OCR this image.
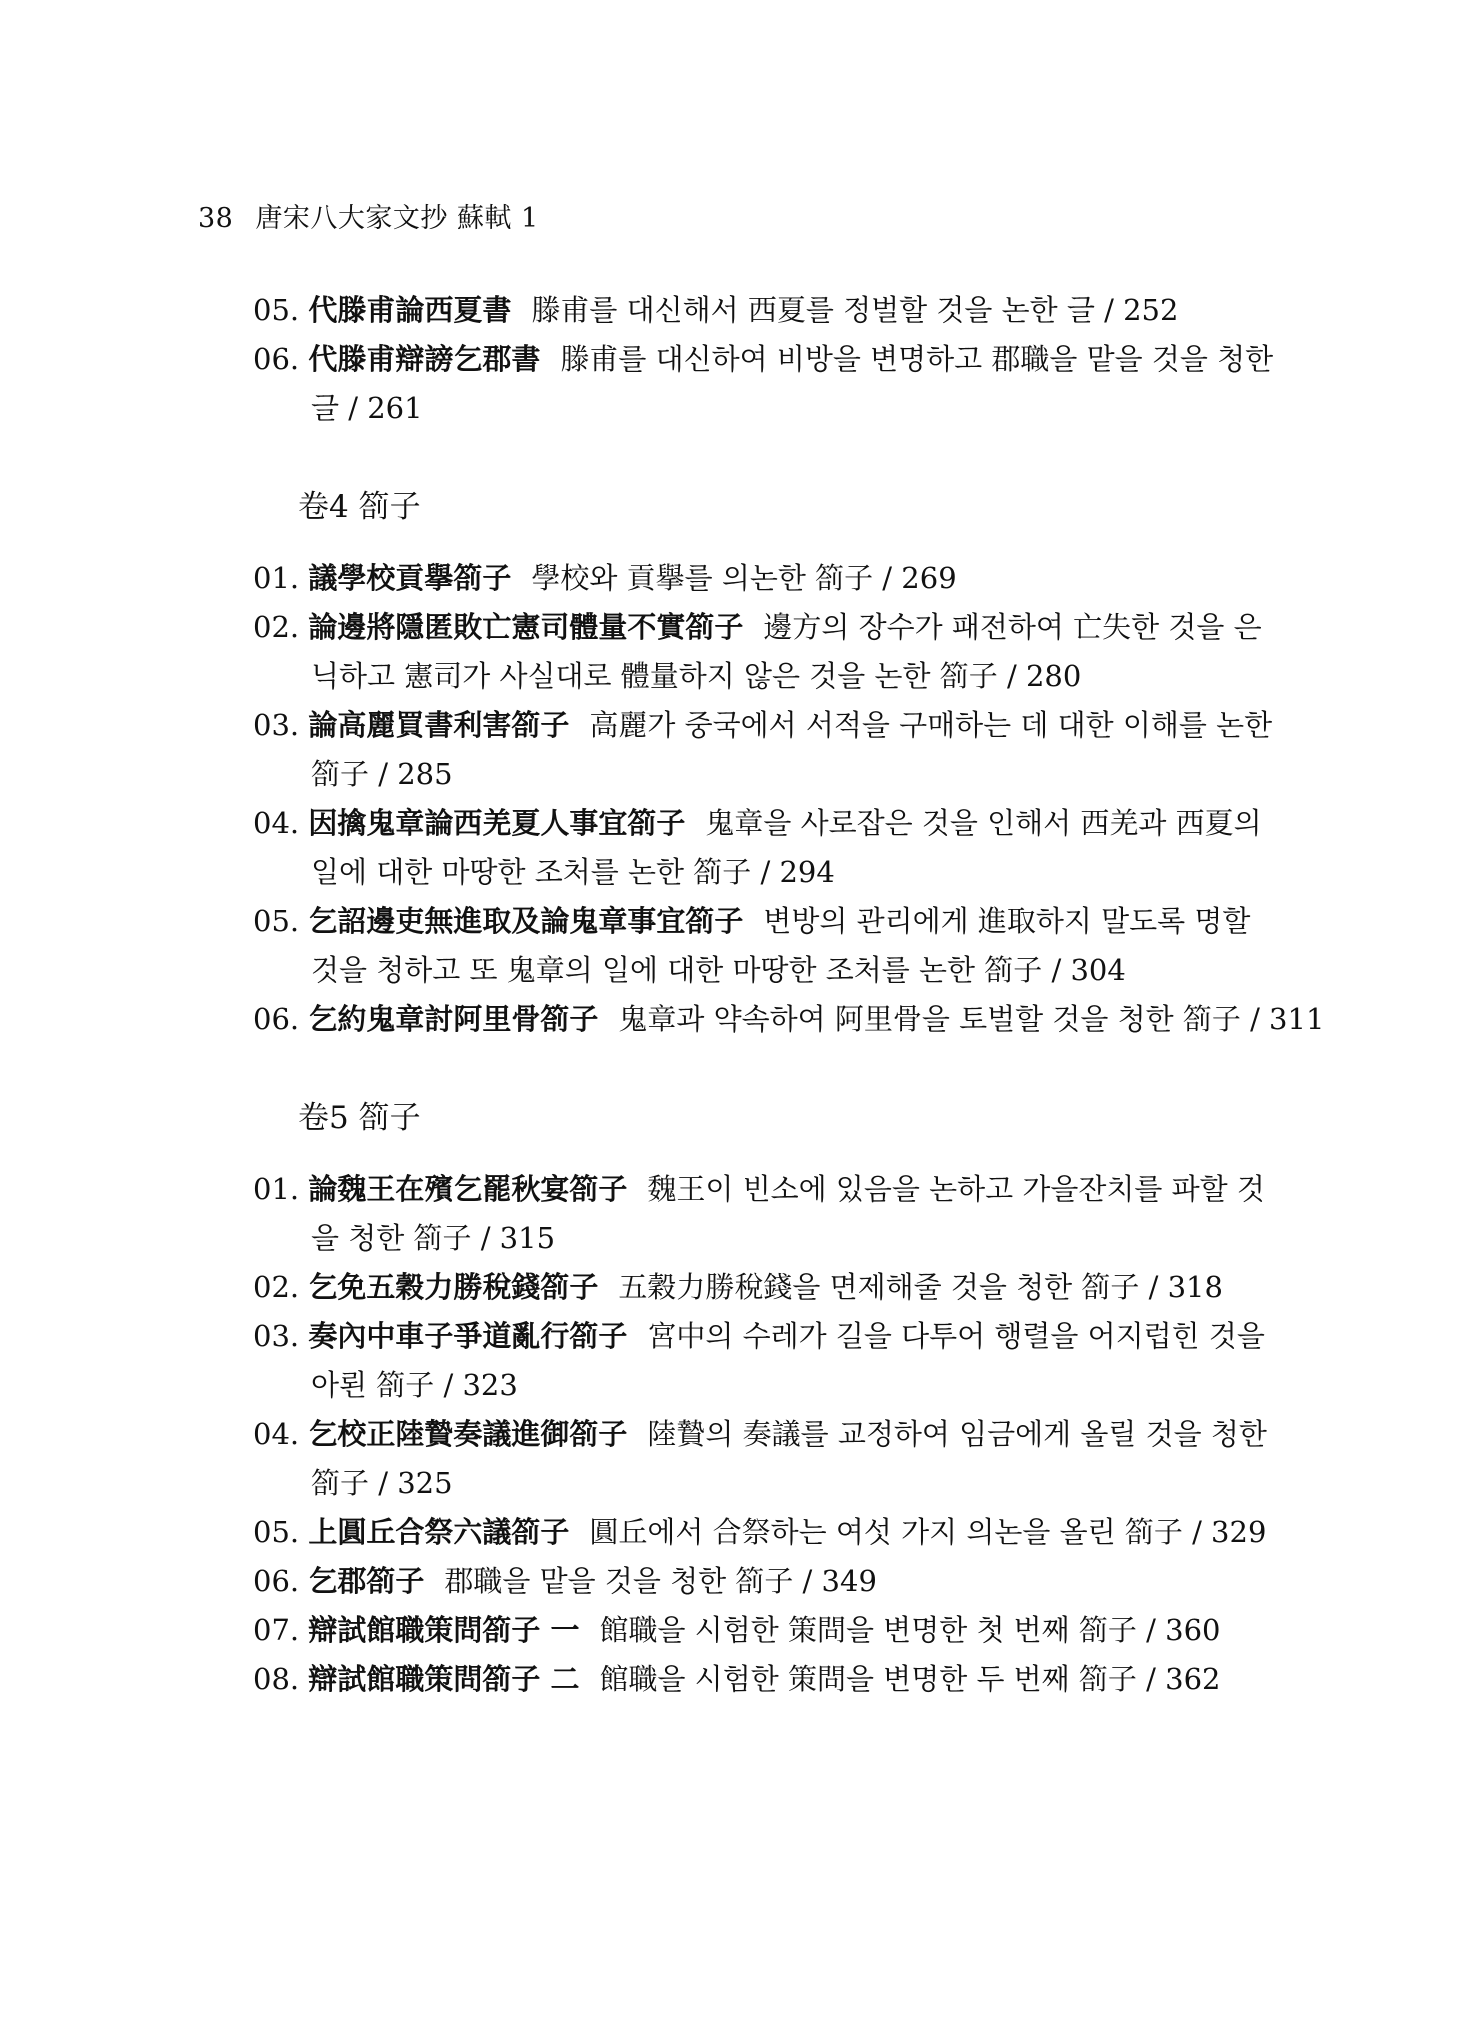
38 唐宋八大家文抄 蘇軾 1
05. 代滕甫論西夏書 滕甫를 대신해서 西夏를 정벌할 것을 논한 글 / 252
06. 代滕甫辯謗乞郡書 滕甫를 대신하여 비방을 변명하고 郡職을 맡을 것을 청한
글 / 261
卷4 箚子
01. 議學校貢擧箚子 學校와 貢擧를 의논한 箚子 / 269
02. 論邊將隱匿敗亡憲司體量不實箚子 邊方의 장수가 패전하여 亡失한 것을 은
닉하고 憲司가 사실대로 體量하지 않은 것을 논한 箚子 / 280
03. 論高麗買書利害箚子 高麗가 중국에서 서적을 구매하는 데 대한 이해를 논한
箚子 / 285
04. 因擒鬼章論西羌夏人事宜箚子 鬼章을 사로잡은 것을 인해서 西羌과 西夏의
일에 대한 마땅한 조처를 논한 箚子 / 294
05. 乞詔邊吏無進取及論鬼章事宜箚子 변방의 관리에게 進取하지 말도록 명할
것을 청하고 또 鬼章의 일에 대한 마땅한 조처를 논한 箚子 / 304
06. 乞約鬼章討阿里骨箚子 鬼章과 약속하여 阿里骨을 토벌할 것을 청한 箚子 / 311
卷5 箚子
01. 論魏王在殯乞罷秋宴箚子 魏王이 빈소에 있음을 논하고 가을잔치를 파할 것
을 청한 箚子 / 315
02. 乞免五穀力勝稅錢箚子 五穀力勝稅錢을 면제해줄 것을 청한 箚子 / 318
03. 奏內中車子爭道亂行箚子 宮中의 수레가 길을 다투어 행렬을 어지럽힌 것을
아뢴 箚子 / 323
04. 乞校正陸贄奏議進御箚子 陸贄의 奏議를 교정하여 임금에게 올릴 것을 청한
箚子 / 325
05. 上圓丘合祭六議箚子 圓丘에서 合祭하는 여섯 가지 의논을 올린 箚子 / 329
06. 乞郡箚子 郡職을 맡을 것을 청한 箚子 / 349
07. 辯試館職策問箚子 一 館職을 시험한 策問을 변명한 첫 번째 箚子 / 360
08. 辯試館職策問箚子 二 館職을 시험한 策問을 변명한 두 번째 箚子 / 362
